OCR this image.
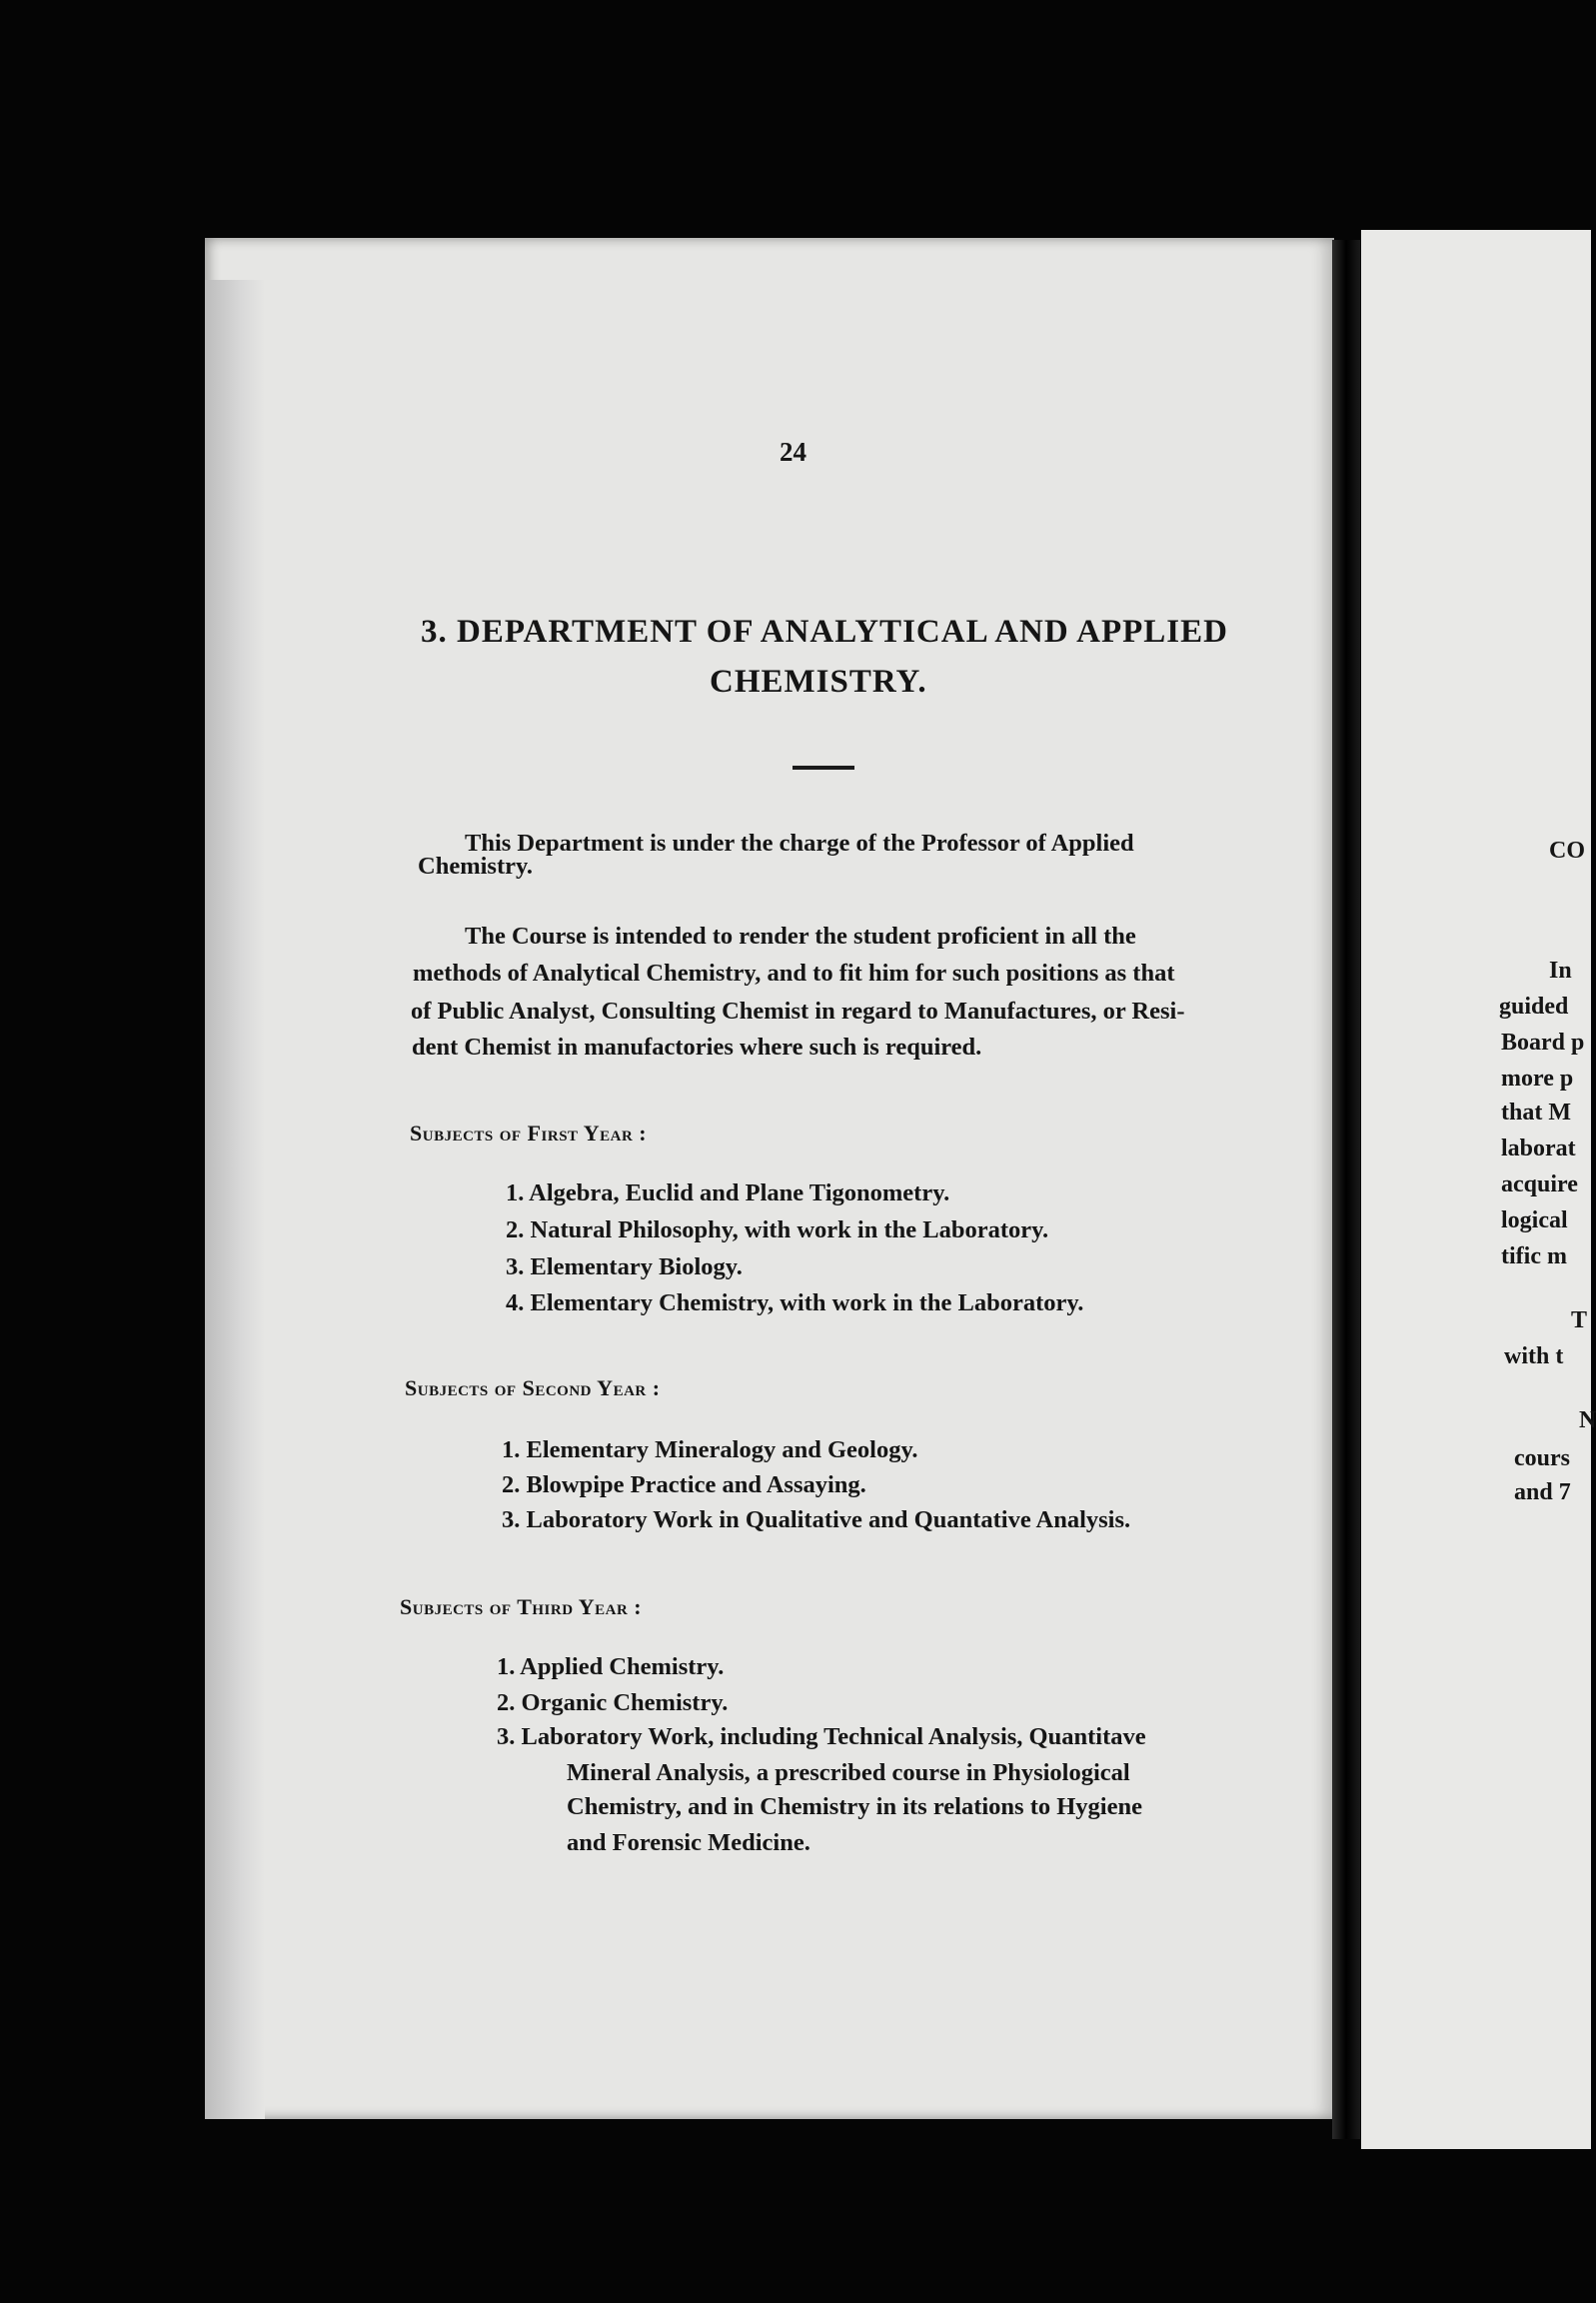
CO
In
guided
Board p
more p
that M
laborat
acquire
logical
tific m
T
with t
N
cours
and 7
24
3. DEPARTMENT OF ANALYTICAL AND APPLIED
CHEMISTRY.
This Department is under the charge of the Professor of Applied
Chemistry.
The Course is intended to render the student proficient in all the
methods of Analytical Chemistry, and to fit him for such positions as that
of Public Analyst, Consulting Chemist in regard to Manufactures, or Resi-
dent Chemist in manufactories where such is required.
Subjects of First Year :
1. Algebra, Euclid and Plane Tigonometry.
2. Natural Philosophy, with work in the Laboratory.
3. Elementary Biology.
4. Elementary Chemistry, with work in the Laboratory.
Subjects of Second Year :
1. Elementary Mineralogy and Geology.
2. Blowpipe Practice and Assaying.
3. Laboratory Work in Qualitative and Quantative Analysis.
Subjects of Third Year :
1. Applied Chemistry.
2. Organic Chemistry.
3. Laboratory Work, including Technical Analysis, Quantitave
Mineral Analysis, a prescribed course in Physiological
Chemistry, and in Chemistry in its relations to Hygiene
and Forensic Medicine.
